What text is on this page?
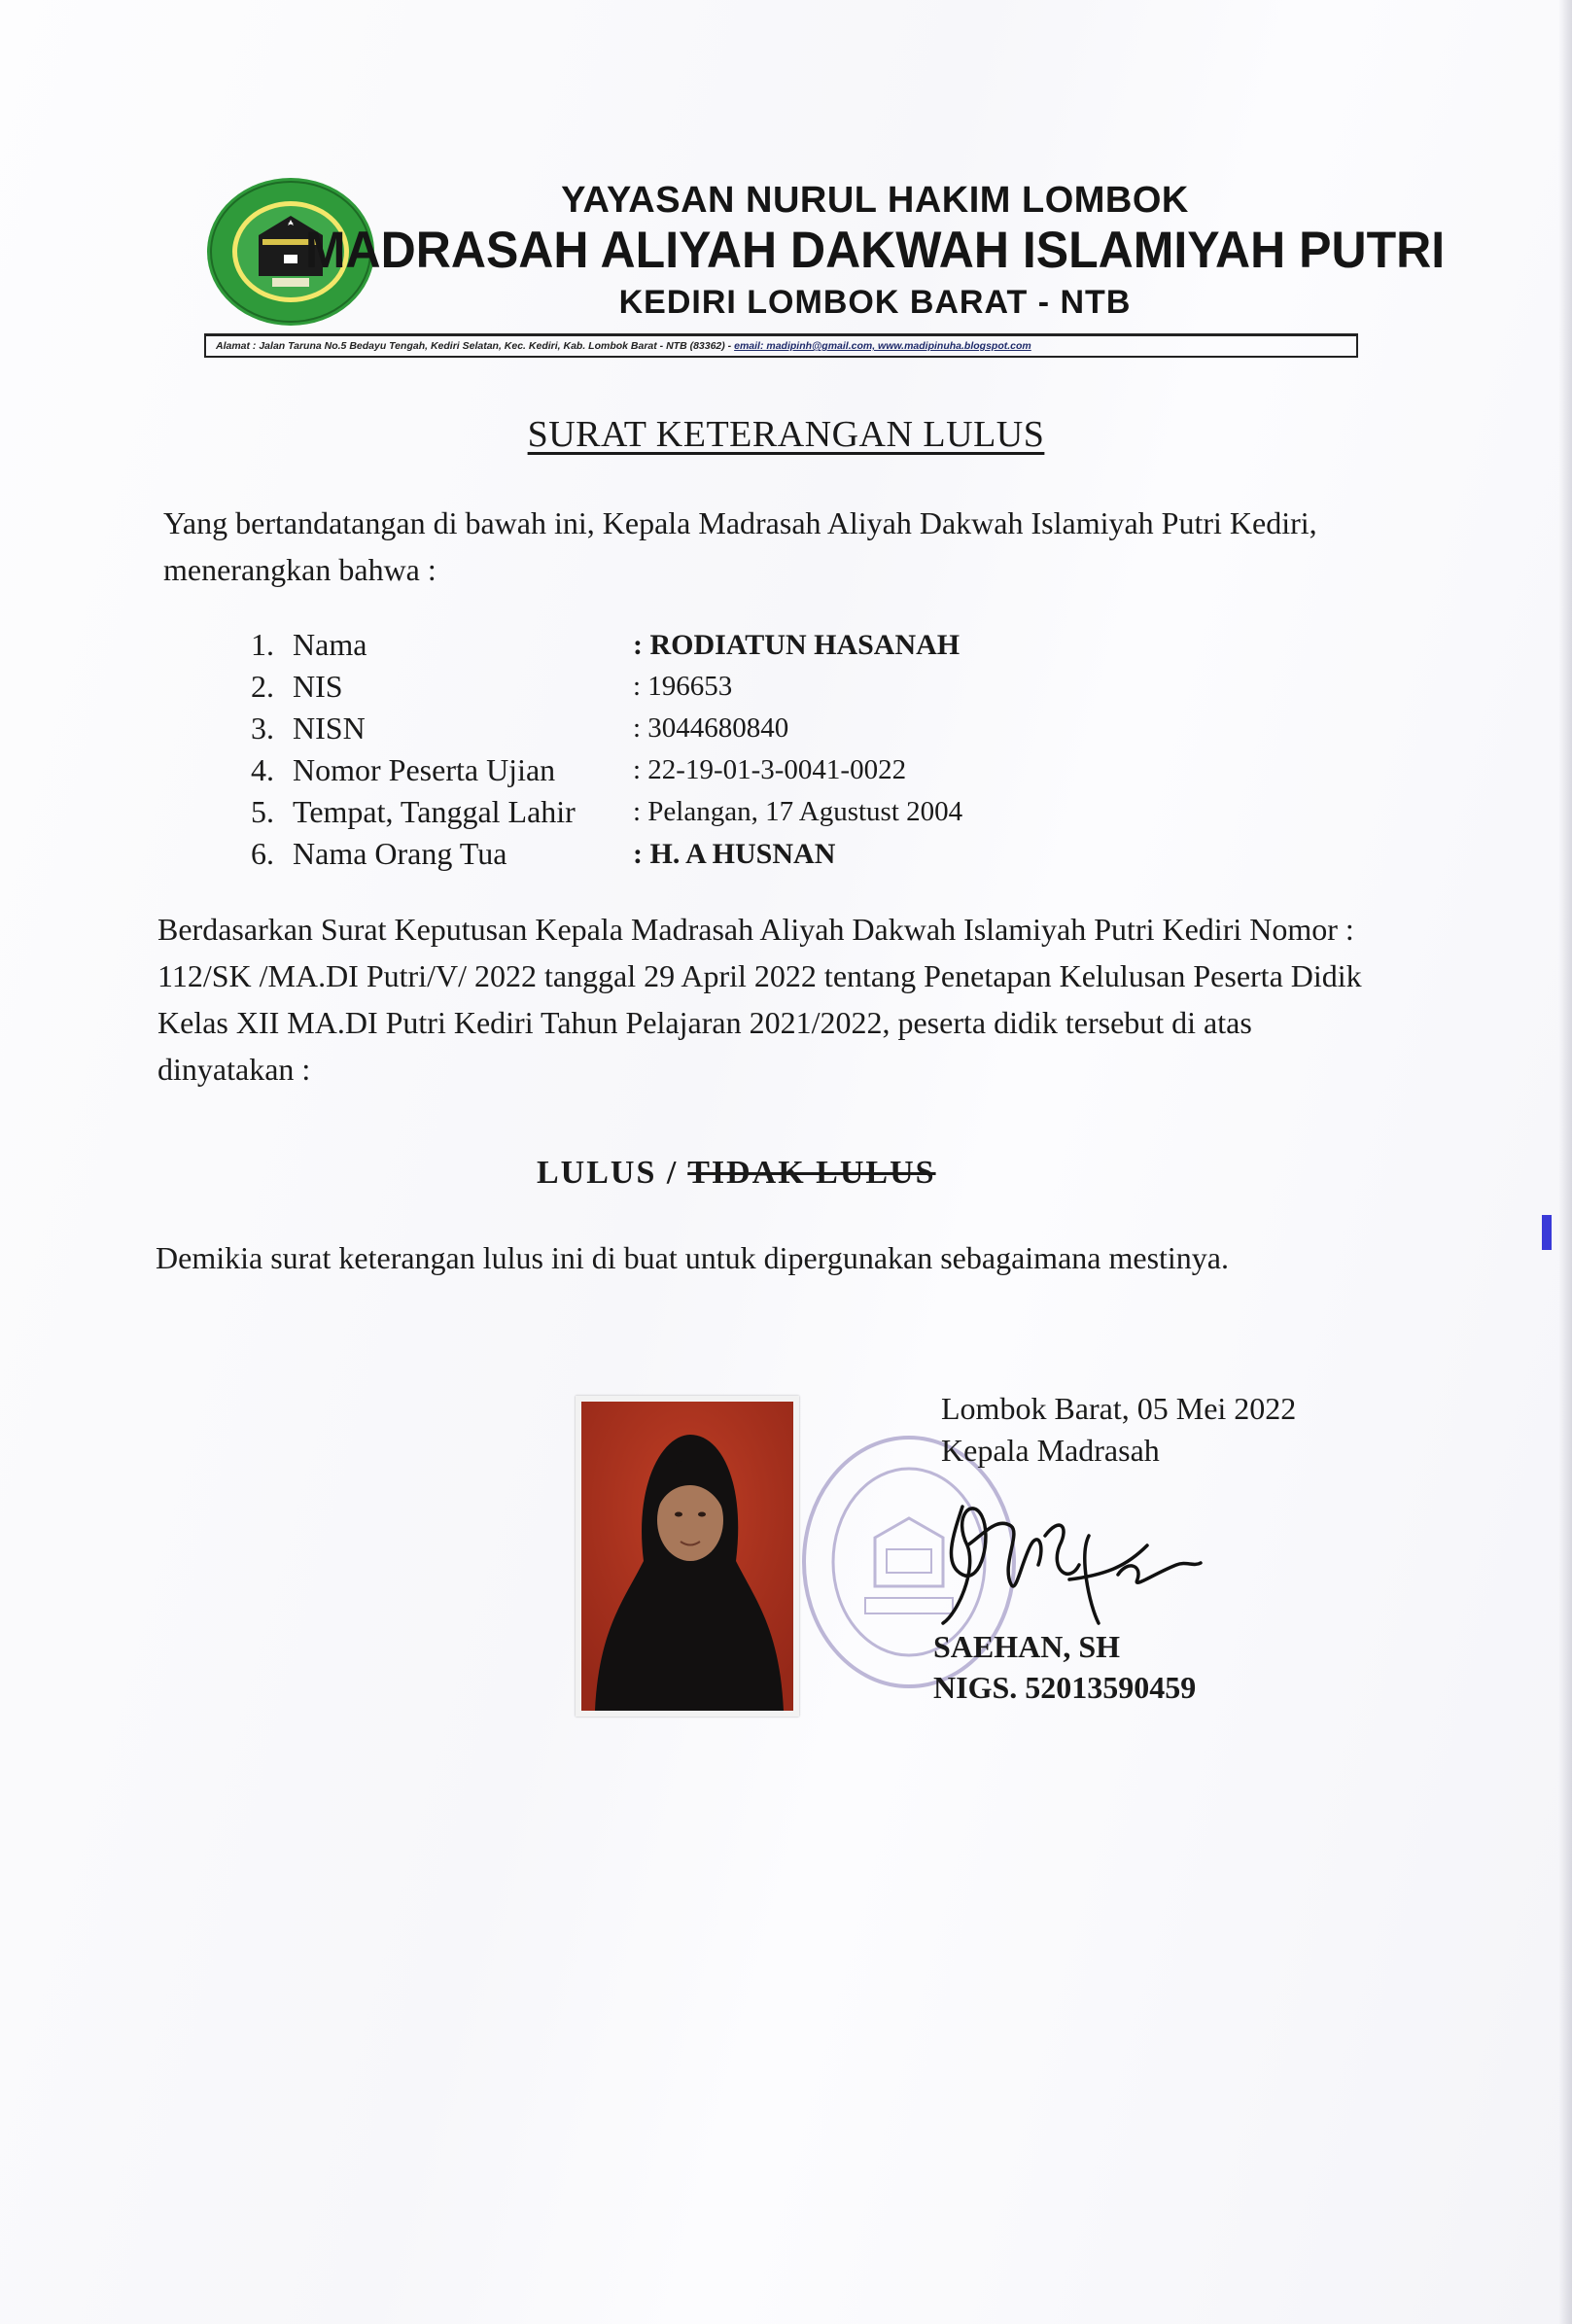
YAYASAN NURUL HAKIM LOMBOK
MADRASAH ALIYAH DAKWAH ISLAMIYAH PUTRI
KEDIRI LOMBOK BARAT - NTB
Alamat : Jalan Taruna No.5 Bedayu Tengah, Kediri Selatan, Kec. Kediri, Kab. Lombok Barat - NTB (83362) - email: madipinh@gmail.com, www.madipinuha.blogspot.com
SURAT KETERANGAN LULUS
Yang bertandatangan di bawah ini, Kepala Madrasah Aliyah Dakwah Islamiyah Putri Kediri, menerangkan bahwa :
1. Nama	: RODIATUN HASANAH
2. NIS	: 196653
3. NISN	: 3044680840
4. Nomor Peserta Ujian	: 22-19-01-3-0041-0022
5. Tempat, Tanggal Lahir : Pelangan, 17 Agustust 2004
6. Nama Orang Tua	: H. A HUSNAN
Berdasarkan Surat Keputusan Kepala Madrasah Aliyah Dakwah Islamiyah Putri Kediri Nomor : 112/SK /MA.DI Putri/V/ 2022 tanggal 29 April 2022 tentang Penetapan Kelulusan Peserta Didik Kelas XII MA.DI Putri Kediri Tahun Pelajaran 2021/2022, peserta didik tersebut di atas dinyatakan :
LULUS / TIDAK LULUS
Demikia surat keterangan lulus ini di buat untuk dipergunakan sebagaimana mestinya.
Lombok Barat, 05 Mei 2022
Kepala Madrasah
SAEHAN, SH
NIGS. 52013590459
